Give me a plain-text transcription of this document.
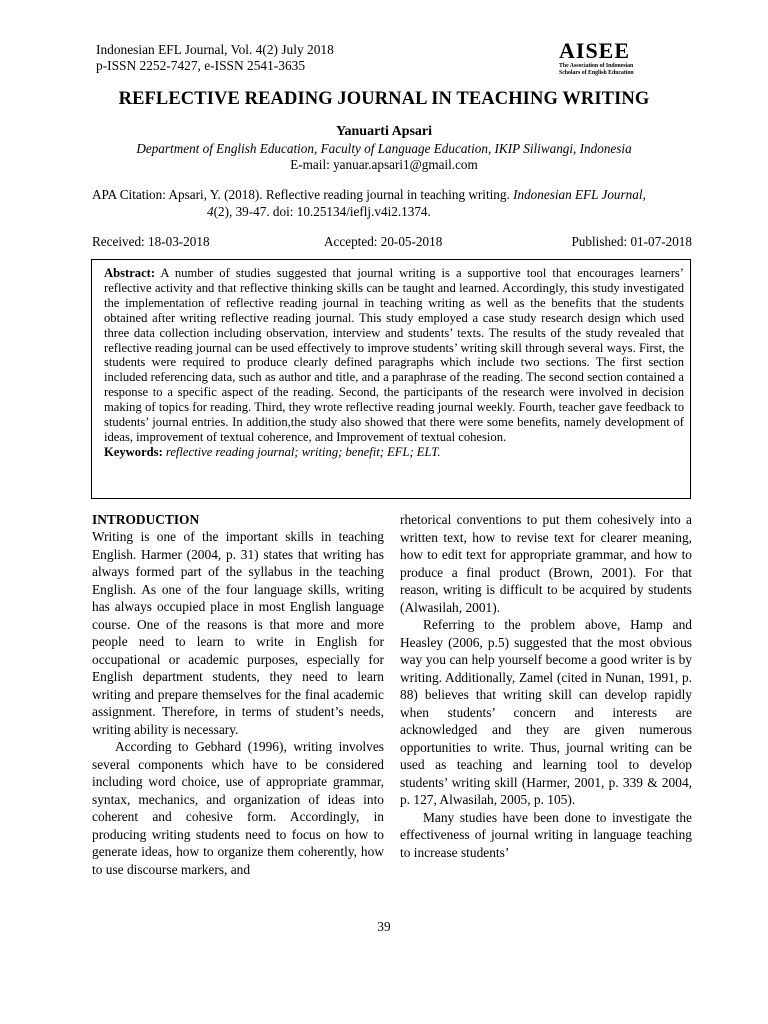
Indonesian EFL Journal, Vol. 4(2) July 2018
p-ISSN 2252-7427, e-ISSN 2541-3635
AISEE
The Association of Indonesian
Scholars of English Education
REFLECTIVE READING JOURNAL IN TEACHING WRITING
Yanuarti Apsari
Department of English Education, Faculty of Language Education, IKIP Siliwangi, Indonesia
E-mail: yanuar.apsari1@gmail.com
APA Citation: Apsari, Y. (2018). Reflective reading journal in teaching writing. Indonesian EFL Journal,
4(2), 39-47. doi: 10.25134/ieflj.v4i2.1374.
Received: 18-03-2018	Accepted: 20-05-2018	Published: 01-07-2018
Abstract: A number of studies suggested that journal writing is a supportive tool that encourages learners’ reflective activity and that reflective thinking skills can be taught and learned. Accordingly, this study investigated the implementation of reflective reading journal in teaching writing as well as the benefits that the students obtained after writing reflective reading journal. This study employed a case study research design which used three data collection including observation, interview and students’ texts. The results of the study revealed that reflective reading journal can be used effectively to improve students’ writing skill through several ways. First, the students were required to produce clearly defined paragraphs which include two sections. The first section included referencing data, such as author and title, and a paraphrase of the reading. The second section contained a response to a specific aspect of the reading. Second, the participants of the research were involved in decision making of topics for reading. Third, they wrote reflective reading journal weekly. Fourth, teacher gave feedback to students’ journal entries. In addition,the study also showed that there were some benefits, namely development of ideas, improvement of textual coherence, and Improvement of textual cohesion.
Keywords: reflective reading journal; writing; benefit; EFL; ELT.
INTRODUCTION

Writing is one of the important skills in teaching English. Harmer (2004, p. 31) states that writing has always formed part of the syllabus in the teaching English. As one of the four language skills, writing has always occupied place in most English language course. One of the reasons is that more and more people need to learn to write in English for occupational or academic purposes, especially for English department students, they need to learn writing and prepare themselves for the final academic assignment. Therefore, in terms of student’s needs, writing ability is necessary.

According to Gebhard (1996), writing involves several components which have to be considered including word choice, use of appropriate grammar, syntax, mechanics, and organization of ideas into coherent and cohesive form. Accordingly, in producing writing students need to focus on how to generate ideas, how to organize them coherently, how to use discourse markers, and

rhetorical conventions to put them cohesively into a written text, how to revise text for clearer meaning, how to edit text for appropriate grammar, and how to produce a final product (Brown, 2001). For that reason, writing is difficult to be acquired by students (Alwasilah, 2001).

Referring to the problem above, Hamp and Heasley (2006, p.5) suggested that the most obvious way you can help yourself become a good writer is by writing. Additionally, Zamel (cited in Nunan, 1991, p. 88) believes that writing skill can develop rapidly when students’ concern and interests are acknowledged and they are given numerous opportunities to write. Thus, journal writing can be used as teaching and learning tool to develop students’ writing skill (Harmer, 2001, p. 339 & 2004, p. 127, Alwasilah, 2005, p. 105).

Many studies have been done to investigate the effectiveness of journal writing in language teaching to increase students’

39
